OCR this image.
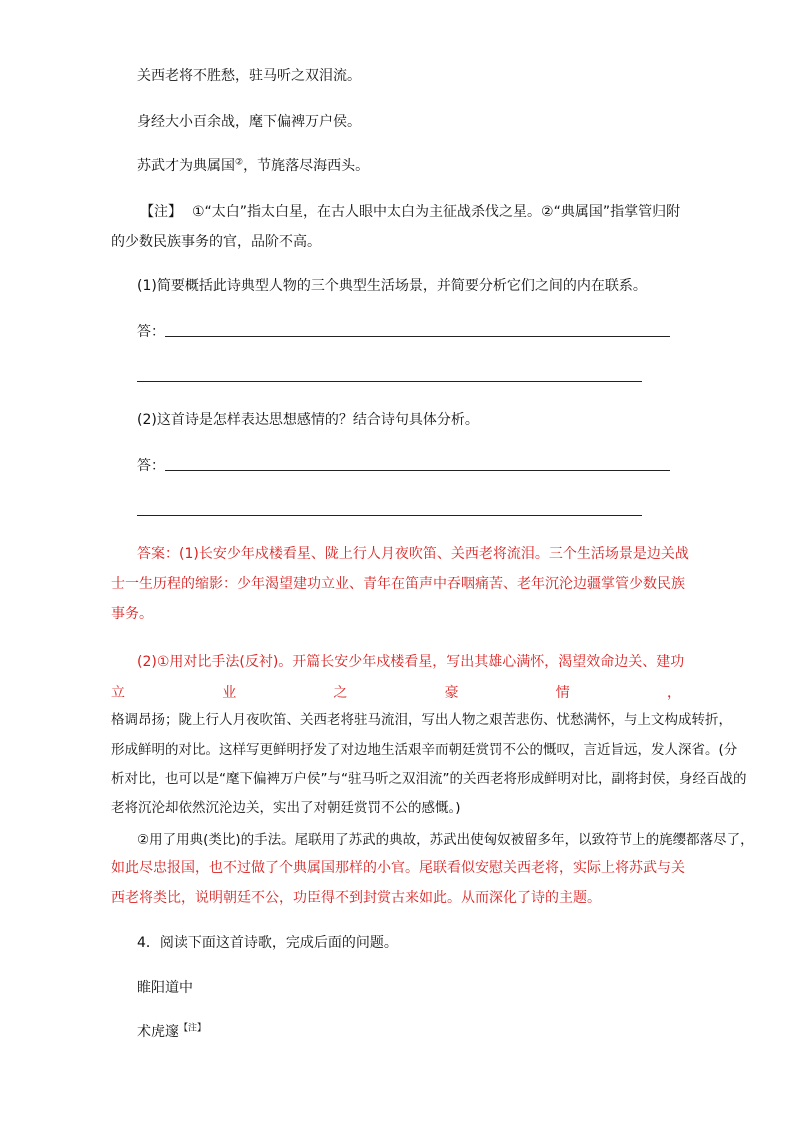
关西老将不胜愁，驻马听之双泪流。
身经大小百余战，麾下偏裨万户侯。
苏武才为典属国②，节旄落尽海西头。
【注】 ①“太白”指太白星，在古人眼中太白为主征战杀伐之星。②“典属国”指掌管归附
的少数民族事务的官，品阶不高。
(1)简要概括此诗典型人物的三个典型生活场景，并简要分析它们之间的内在联系。
答：
(2)这首诗是怎样表达思想感情的？结合诗句具体分析。
答：
答案：(1)长安少年戍楼看星、陇上行人月夜吹笛、关西老将流泪。三个生活场景是边关战
士一生历程的缩影：少年渴望建功立业、青年在笛声中吞咽痛苦、老年沉沦边疆掌管少数民族
事务。
(2)①用对比手法(反衬)。开篇长安少年戍楼看星，写出其雄心满怀，渴望效命边关、建功
立	业	之	豪	情	，
格调昂扬；陇上行人月夜吹笛、关西老将驻马流泪，写出人物之艰苦悲伤、忧愁满怀，与上文构成转折，
形成鲜明的对比。这样写更鲜明抒发了对边地生活艰辛而朝廷赏罚不公的慨叹，言近旨远，发人深省。(分
析对比，也可以是“麾下偏裨万户侯”与“驻马听之双泪流”的关西老将形成鲜明对比，副将封侯，身经百战的
老将沉沦却依然沉沦边关，实出了对朝廷赏罚不公的感慨。)
②用了用典(类比)的手法。尾联用了苏武的典故，苏武出使匈奴被留多年，以致符节上的旄缨都落尽了，
如此尽忠报国，也不过做了个典属国那样的小官。尾联看似安慰关西老将，实际上将苏武与关
西老将类比，说明朝廷不公，功臣得不到封赏古来如此。从而深化了诗的主题。
4．阅读下面这首诗歌，完成后面的问题。
睢阳道中
术虎邃$^{【注】}$
